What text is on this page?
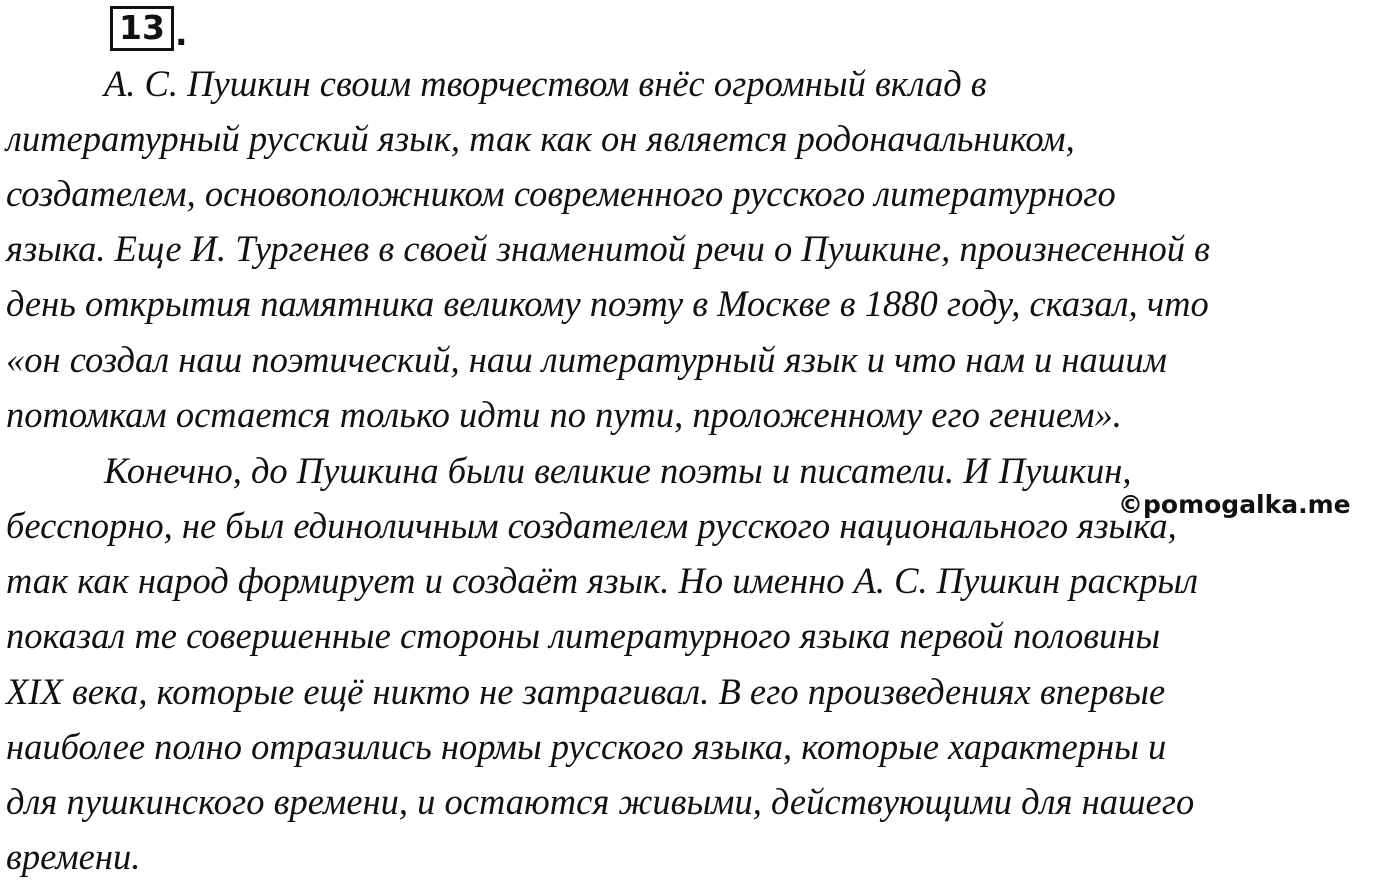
13 .

А. С. Пушкин своим творчеством внёс огромный вклад в

литературный русский язык, так как он является родоначальником,

создателем, основоположником современного русского литературного

языка. Еще И. Тургенев в своей знаменитой речи о Пушкине, произнесенной в

день открытия памятника великому поэту в Москве в 1880 году, сказал, что

«он создал наш поэтический, наш литературный язык и что нам и нашим

потомкам остается только идти по пути, проложенному его гением».

Конечно, до Пушкина были великие поэты и писатели. И Пушкин,

бесспорно, не был единоличным создателем русского национального языка,

так как народ формирует и создаёт язык. Но именно А. С. Пушкин раскрыл

показал те совершенные стороны литературного языка первой половины

XIX века, которые ещё никто не затрагивал. В его произведениях впервые

наиболее полно отразились нормы русского языка, которые характерны и

для пушкинского времени, и остаются живыми, действующими для нашего

времени.

©pomogalka.me
